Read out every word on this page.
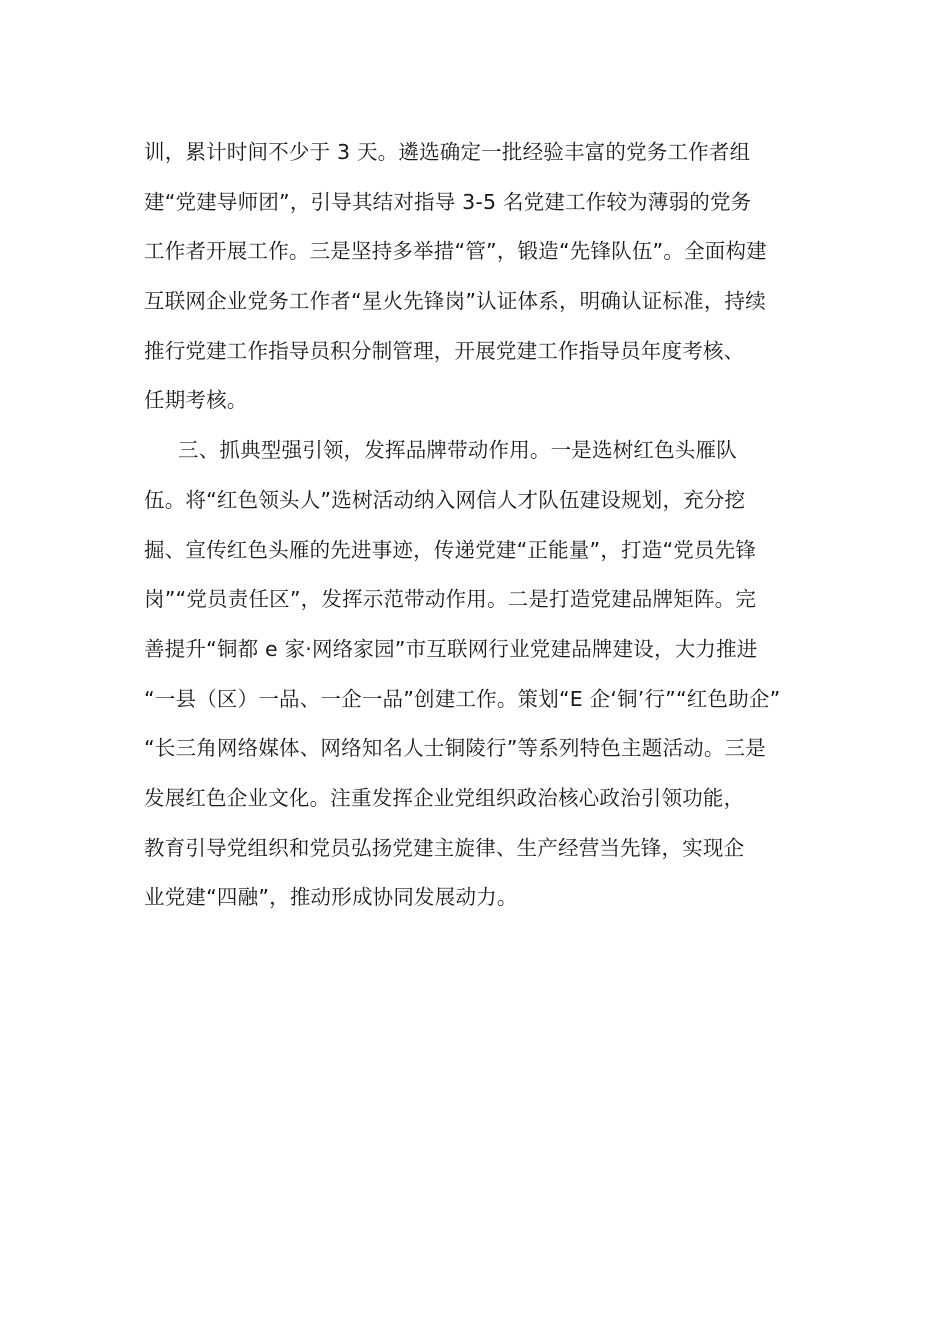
训，累计时间不少于 3 天。遴选确定一批经验丰富的党务工作者组
建“党建导师团”，引导其结对指导 3-5 名党建工作较为薄弱的党务
工作者开展工作。三是坚持多举措“管”，锻造“先锋队伍”。全面构建
互联网企业党务工作者“星火先锋岗”认证体系，明确认证标准，持续
推行党建工作指导员积分制管理，开展党建工作指导员年度考核、
任期考核。
三、抓典型强引领，发挥品牌带动作用。一是选树红色头雁队
伍。将“红色领头人”选树活动纳入网信人才队伍建设规划，充分挖
掘、宣传红色头雁的先进事迹，传递党建“正能量”，打造“党员先锋
岗”“党员责任区”，发挥示范带动作用。二是打造党建品牌矩阵。完
善提升“铜都 e 家·网络家园”市互联网行业党建品牌建设，大力推进
“一县（区）一品、一企一品”创建工作。策划“E 企‘铜’行”“红色助企”
“长三角网络媒体、网络知名人士铜陵行”等系列特色主题活动。三是
发展红色企业文化。注重发挥企业党组织政治核心政治引领功能，
教育引导党组织和党员弘扬党建主旋律、生产经营当先锋，实现企
业党建“四融”，推动形成协同发展动力。
